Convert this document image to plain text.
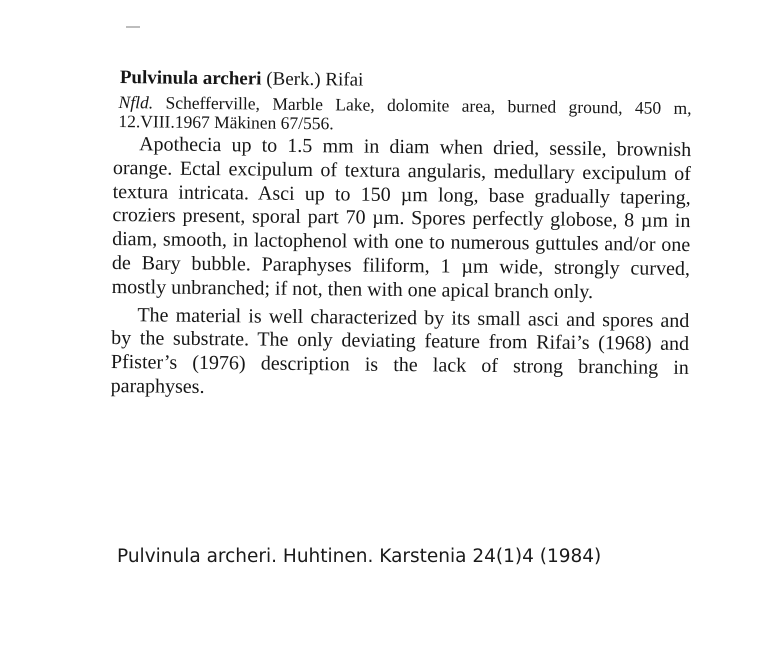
Pulvinula archeri (Berk.) Rifai

Nfld. Schefferville, Marble Lake, dolomite area, burned ground, 450 m, 12.VIII.1967 Mäkinen 67/556.

Apothecia up to 1.5 mm in diam when dried, sessile, brownish orange. Ectal excipulum of textura angularis, medullary excipulum of textura intricata. Asci up to 150 µm long, base gradually tapering, croziers present, sporal part 70 µm. Spores perfectly globose, 8 µm in diam, smooth, in lactophenol with one to numerous guttules and/or one de Bary bubble. Paraphyses filiform, 1 µm wide, strongly curved, mostly unbranched; if not, then with one apical branch only.

The material is well characterized by its small asci and spores and by the substrate. The only deviating feature from Rifai’s (1968) and Pfister’s (1976) description is the lack of strong branching in paraphyses.

Pulvinula archeri. Huhtinen. Karstenia 24(1)4 (1984)
